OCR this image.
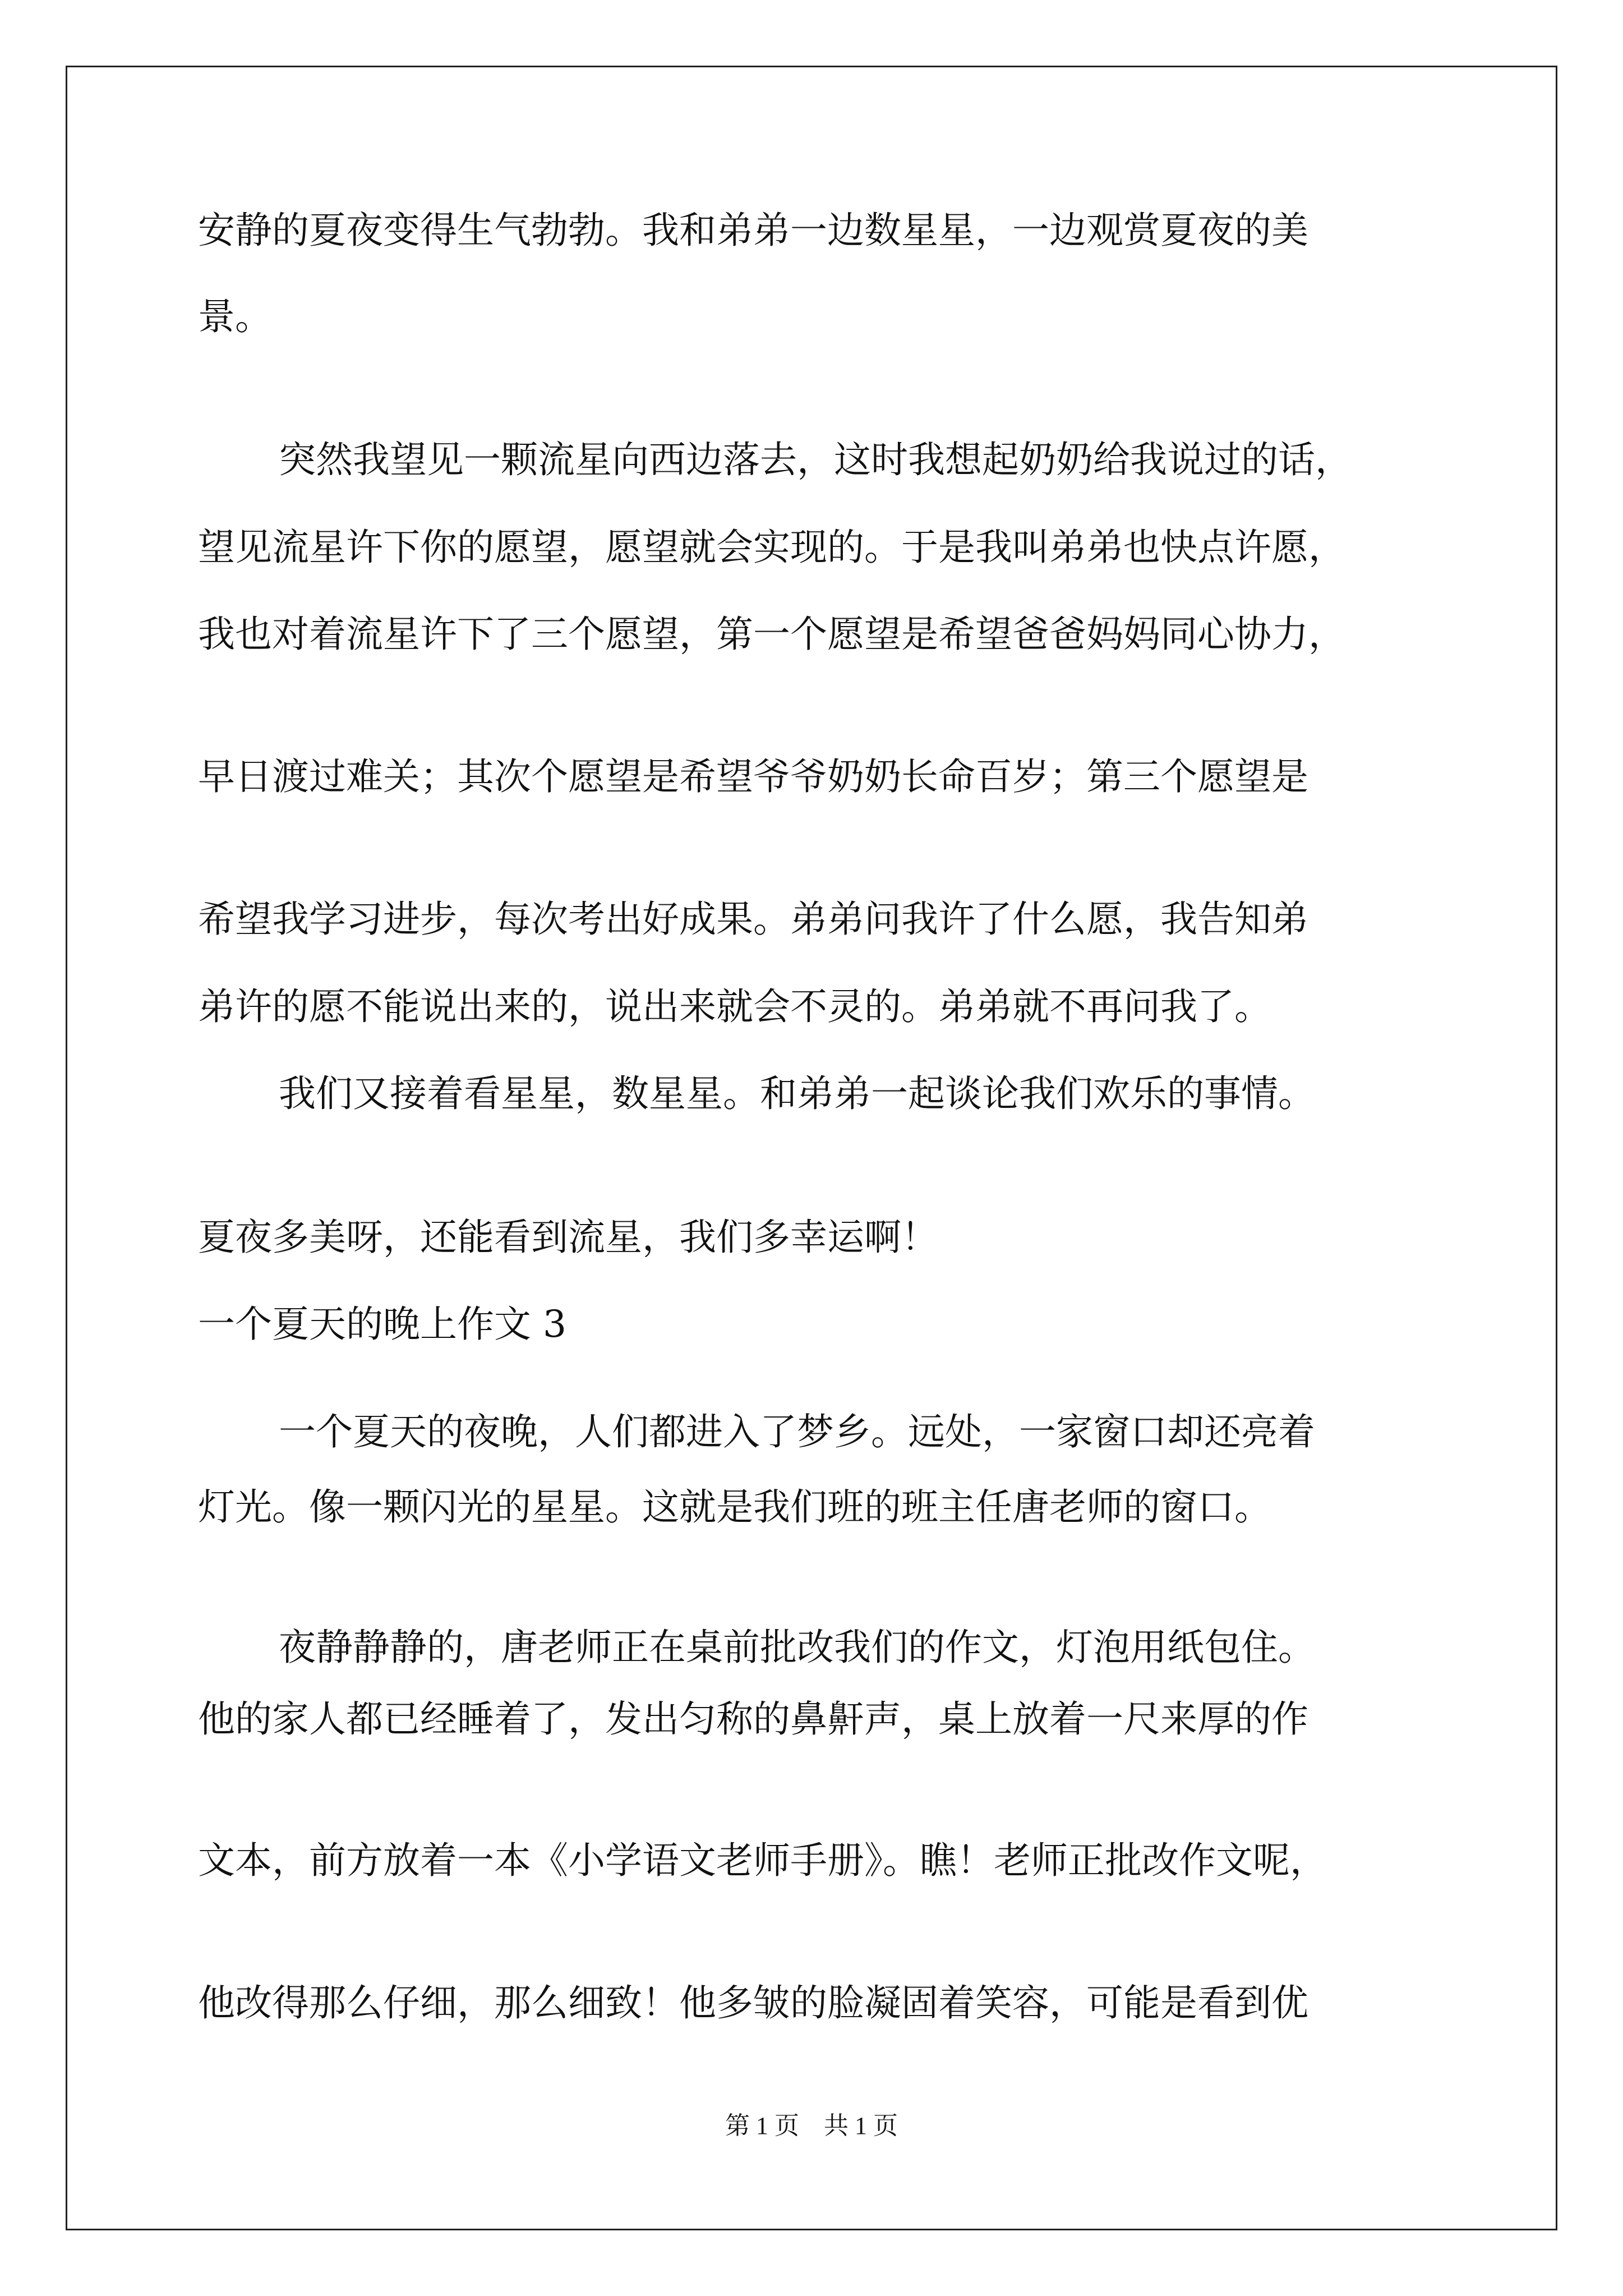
安静的夏夜变得生气勃勃。我和弟弟一边数星星，一边观赏夏夜的美
景。
突然我望见一颗流星向西边落去，这时我想起奶奶给我说过的话，
望见流星许下你的愿望，愿望就会实现的。于是我叫弟弟也快点许愿，
我也对着流星许下了三个愿望，第一个愿望是希望爸爸妈妈同心协力，
早日渡过难关；其次个愿望是希望爷爷奶奶长命百岁；第三个愿望是
希望我学习进步，每次考出好成果。弟弟问我许了什么愿，我告知弟
弟许的愿不能说出来的，说出来就会不灵的。弟弟就不再问我了。
我们又接着看星星，数星星。和弟弟一起谈论我们欢乐的事情。
夏夜多美呀，还能看到流星，我们多幸运啊！
一个夏天的晚上作文 3
一个夏天的夜晚，人们都进入了梦乡。远处，一家窗口却还亮着
灯光。像一颗闪光的星星。这就是我们班的班主任唐老师的窗口。
夜静静静的，唐老师正在桌前批改我们的作文，灯泡用纸包住。
他的家人都已经睡着了，发出匀称的鼻鼾声，桌上放着一尺来厚的作
文本，前方放着一本《小学语文老师手册》。瞧！老师正批改作文呢，
他改得那么仔细，那么细致！他多皱的脸凝固着笑容，可能是看到优
第 1 页　共 1 页
